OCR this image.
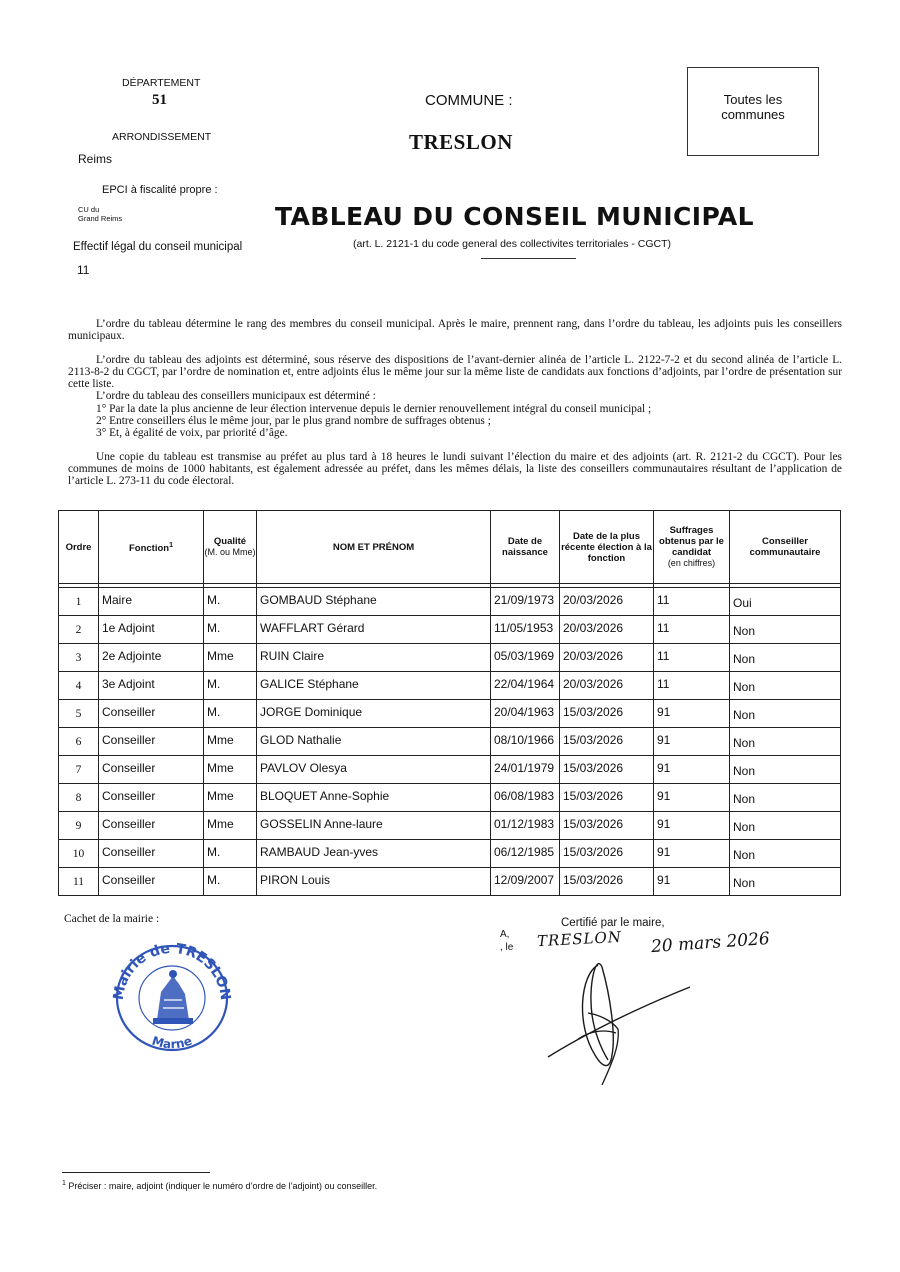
DÉPARTEMENT
51
ARRONDISSEMENT
Reims
EPCI à fiscalité propre :
CU du
Grand Reims
Effectif légal du conseil municipal
11
COMMUNE :
TRESLON
TABLEAU DU CONSEIL MUNICIPAL
(art. L. 2121-1 du code general des collectivites territoriales - CGCT)
Toutes les
communes

L’ordre du tableau détermine le rang des membres du conseil municipal. Après le maire, prennent rang, dans l’ordre du tableau, les adjoints puis les conseillers municipaux.

L’ordre du tableau des adjoints est déterminé, sous réserve des dispositions de l’avant-dernier alinéa de l’article L. 2122-7-2 et du second alinéa de l’article L. 2113-8-2 du CGCT, par l’ordre de nomination et, entre adjoints élus le même jour sur la même liste de candidats aux fonctions d’adjoints, par l’ordre de présentation sur cette liste.

L’ordre du tableau des conseillers municipaux est déterminé :

1° Par la date la plus ancienne de leur élection intervenue depuis le dernier renouvellement intégral du conseil municipal ;

2° Entre conseillers élus le même jour, par le plus grand nombre de suffrages obtenus ;

3° Et, à égalité de voix, par priorité d’âge.

Une copie du tableau est transmise au préfet au plus tard à 18 heures le lundi suivant l’élection du maire et des adjoints (art. R. 2121-2 du CGCT). Pour les communes de moins de 1000 habitants, est également adressée au préfet, dans les mêmes délais, la liste des conseillers communautaires résultant de l’application de l’article L. 273-11 du code électoral.

Ordre	Fonction$^1$	Qualité
(M. ou Mme)	NOM ET PRÉNOM	Date de naissance	Date de la plus récente élection à la fonction	Suffrages obtenus par le candidat
(en chiffres)	Conseiller communautaire

1	Maire	M.	GOMBAUD Stéphane	21/09/1973	20/03/2026	11	Oui
2	1e Adjoint	M.	WAFFLART Gérard	11/05/1953	20/03/2026	11	Non
3	2e Adjointe	Mme	RUIN Claire	05/03/1969	20/03/2026	11	Non
4	3e Adjoint	M.	GALICE Stéphane	22/04/1964	20/03/2026	11	Non
5	Conseiller	M.	JORGE Dominique	20/04/1963	15/03/2026	91	Non
6	Conseiller	Mme	GLOD Nathalie	08/10/1966	15/03/2026	91	Non
7	Conseiller	Mme	PAVLOV Olesya	24/01/1979	15/03/2026	91	Non
8	Conseiller	Mme	BLOQUET Anne-Sophie	06/08/1983	15/03/2026	91	Non
9	Conseiller	Mme	GOSSELIN Anne-laure	01/12/1983	15/03/2026	91	Non
10	Conseiller	M.	RAMBAUD Jean-yves	06/12/1985	15/03/2026	91	Non
11	Conseiller	M.	PIRON Louis	12/09/2007	15/03/2026	91	Non
Cachet de la mairie :	Certifié par le maire,
A,
, le TRESLON 20 mars 2026
Mairie de TRESLON
Marne
$^1$ Préciser : maire, adjoint (indiquer le numéro d’ordre de l’adjoint) ou conseiller.
